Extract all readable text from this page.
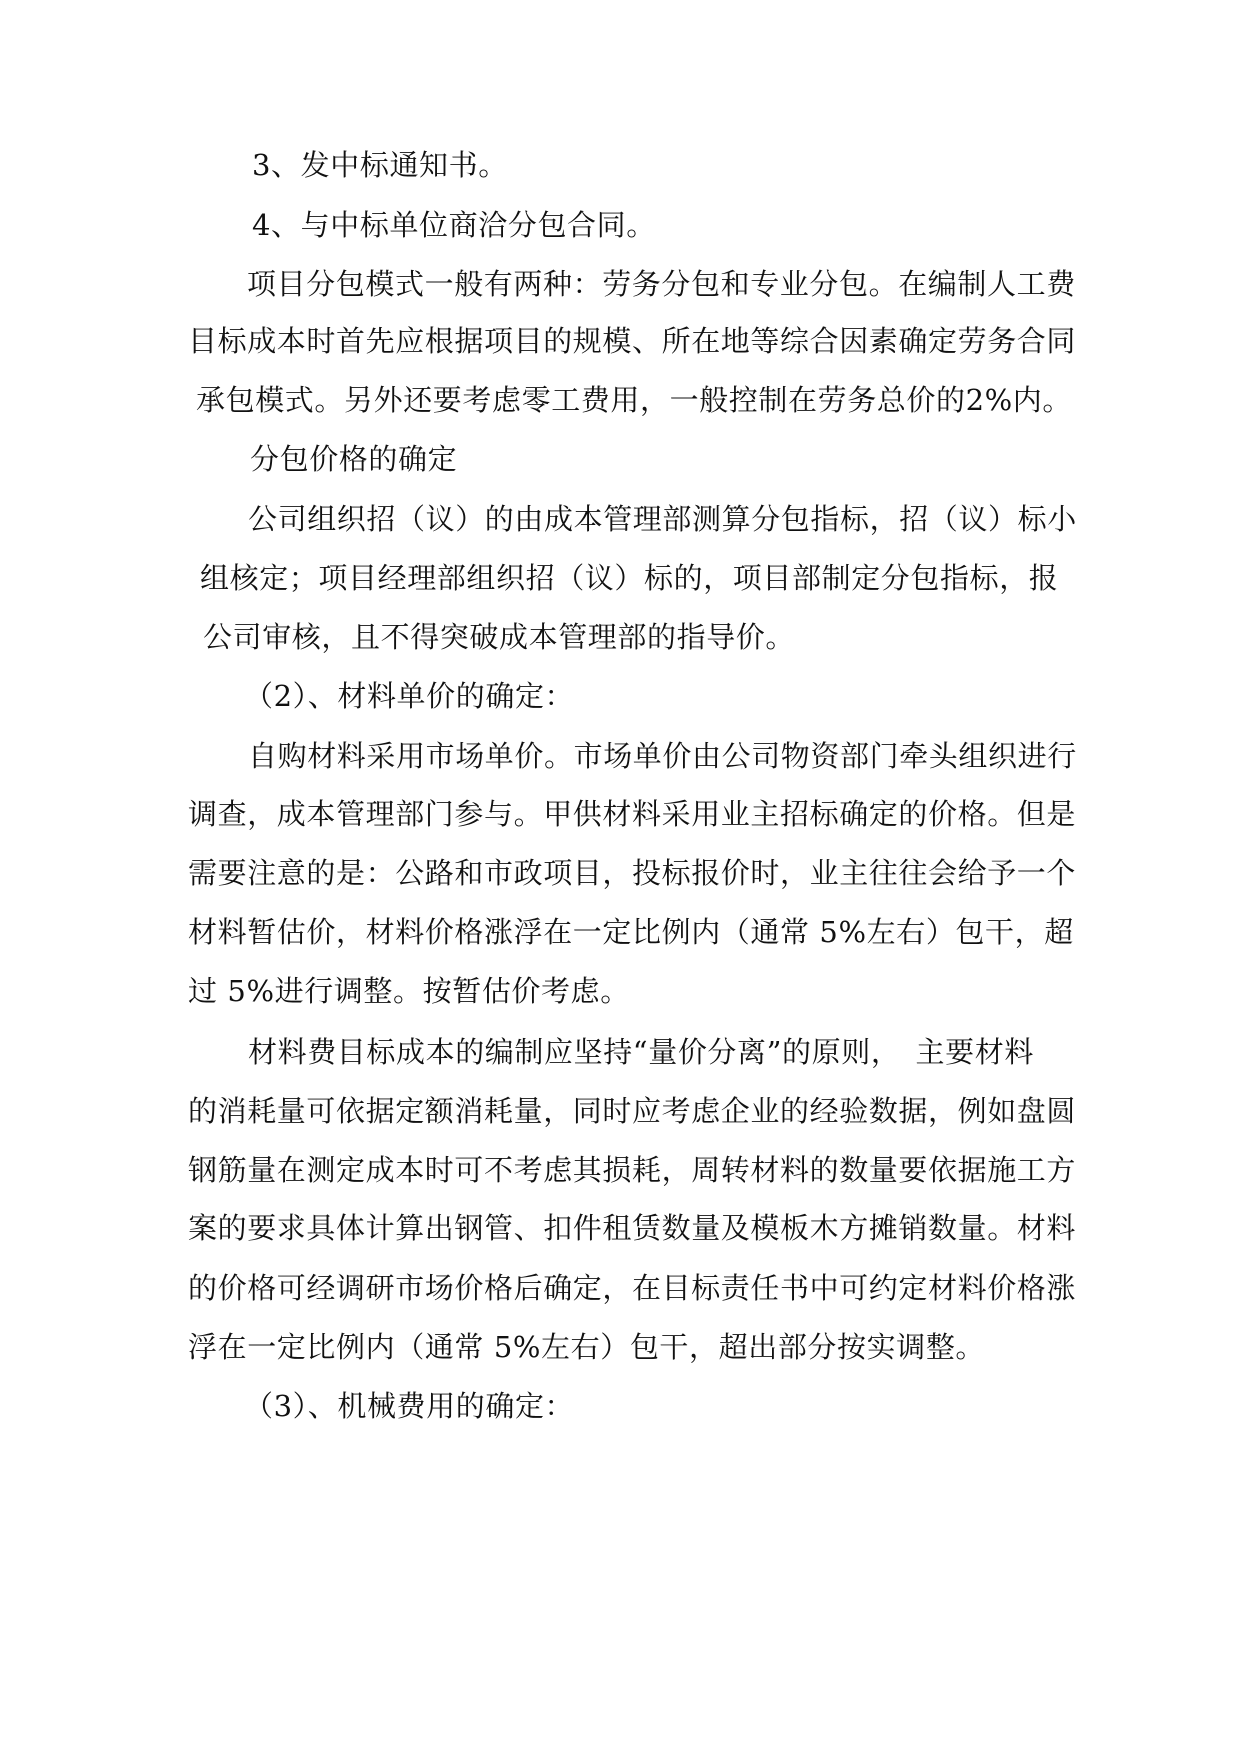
3、发中标通知书。
4、与中标单位商洽分包合同。
项目分包模式一般有两种：劳务分包和专业分包。在编制人工费
目标成本时首先应根据项目的规模、所在地等综合因素确定劳务合同
承包模式。另外还要考虑零工费用，一般控制在劳务总价的2%内。
分包价格的确定
公司组织招（议）的由成本管理部测算分包指标，招（议）标小
组核定；项目经理部组织招（议）标的，项目部制定分包指标，报
公司审核，且不得突破成本管理部的指导价。
（2）、材料单价的确定：
自购材料采用市场单价。市场单价由公司物资部门牵头组织进行
调查，成本管理部门参与。甲供材料采用业主招标确定的价格。但是
需要注意的是：公路和市政项目，投标报价时，业主往往会给予一个
材料暂估价，材料价格涨浮在一定比例内（通常 5%左右）包干，超
过 5%进行调整。按暂估价考虑。
材料费目标成本的编制应坚持“量价分离”的原则，　主要材料
的消耗量可依据定额消耗量，同时应考虑企业的经验数据，例如盘圆
钢筋量在测定成本时可不考虑其损耗，周转材料的数量要依据施工方
案的要求具体计算出钢管、扣件租赁数量及模板木方摊销数量。材料
的价格可经调研市场价格后确定，在目标责任书中可约定材料价格涨
浮在一定比例内（通常 5%左右）包干，超出部分按实调整。
（3）、机械费用的确定：
